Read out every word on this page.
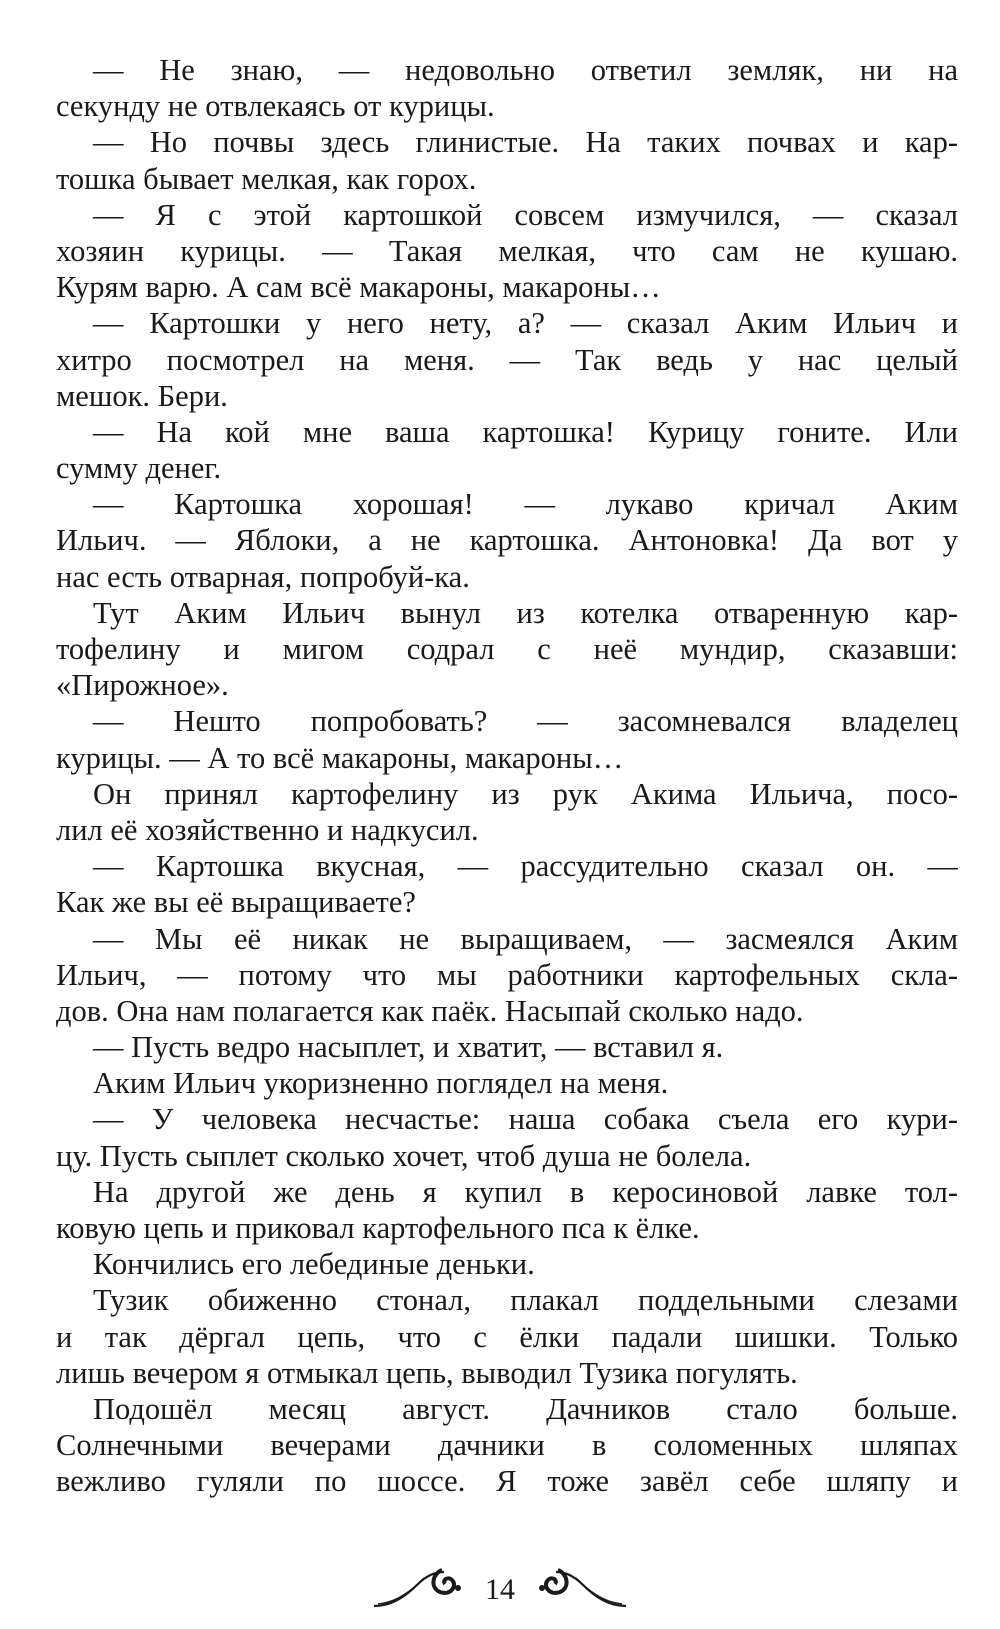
— Не знаю, — недовольно ответил земляк, ни на
секунду не отвлекаясь от курицы.
— Но почвы здесь глинистые. На таких почвах и кар-
тошка бывает мелкая, как горох.
— Я с этой картошкой совсем измучился, — сказал
хозяин курицы. — Такая мелкая, что сам не кушаю.
Курям варю. А сам всё макароны, макароны…
— Картошки у него нету, а? — сказал Аким Ильич и
хитро посмотрел на меня. — Так ведь у нас целый
мешок. Бери.
— На кой мне ваша картошка! Курицу гоните. Или
сумму денег.
— Картошка хорошая! — лукаво кричал Аким
Ильич. — Яблоки, а не картошка. Антоновка! Да вот у
нас есть отварная, попробуй-ка.
Тут Аким Ильич вынул из котелка отваренную кар-
тофелину и мигом содрал с неё мундир, сказавши:
«Пирожное».
— Нешто попробовать? — засомневался владелец
курицы. — А то всё макароны, макароны…
Он принял картофелину из рук Акима Ильича, посо-
лил её хозяйственно и надкусил.
— Картошка вкусная, — рассудительно сказал он. —
Как же вы её выращиваете?
— Мы её никак не выращиваем, — засмеялся Аким
Ильич, — потому что мы работники картофельных скла-
дов. Она нам полагается как паёк. Насыпай сколько надо.
— Пусть ведро насыплет, и хватит, — вставил я.
Аким Ильич укоризненно поглядел на меня.
— У человека несчастье: наша собака съела его кури-
цу. Пусть сыплет сколько хочет, чтоб душа не болела.
На другой же день я купил в керосиновой лавке тол-
ковую цепь и приковал картофельного пса к ёлке.
Кончились его лебединые деньки.
Тузик обиженно стонал, плакал поддельными слезами
и так дёргал цепь, что с ёлки падали шишки. Только
лишь вечером я отмыкал цепь, выводил Тузика погулять.
Подошёл месяц август. Дачников стало больше.
Солнечными вечерами дачники в соломенных шляпах
вежливо гуляли по шоссе. Я тоже завёл себе шляпу и
14
